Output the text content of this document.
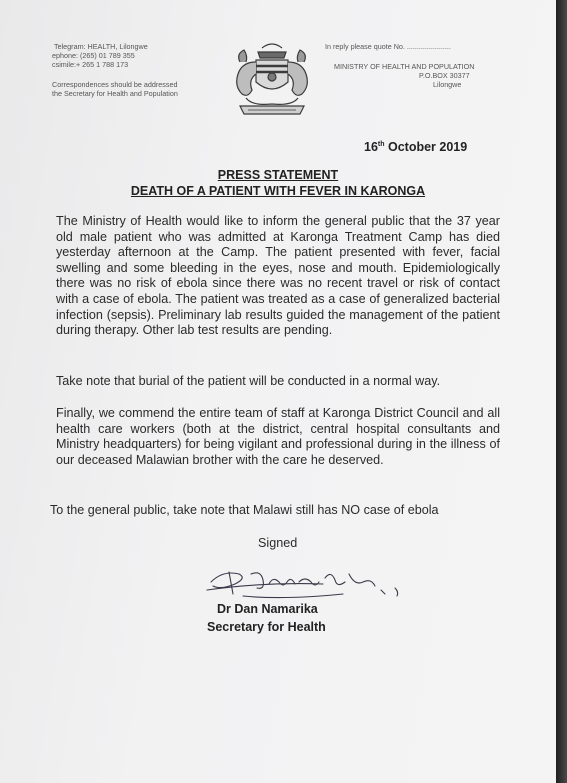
Telegram: HEALTH, Lilongwe
ephone: (265) 01 789 355
csimile:+ 265 1 788 173
Correspondences should be addressed
the Secretary for Health and Population
In reply please quote No. ......................
MINISTRY OF HEALTH AND POPULATION
P.O.BOX 30377
Lilongwe
16th October 2019
PRESS STATEMENT
DEATH OF A PATIENT WITH FEVER IN KARONGA
The Ministry of Health would like to inform the general public that the 37 year old male patient who was admitted at Karonga Treatment Camp has died yesterday afternoon at the Camp. The patient presented with fever, facial swelling and some bleeding in the eyes, nose and mouth. Epidemiologically there was no risk of ebola since there was no recent travel or risk of contact with a case of ebola. The patient was treated as a case of generalized bacterial infection (sepsis). Preliminary lab results guided the management of the patient during therapy. Other lab test results are pending.
Take note that burial of the patient will be conducted in a normal way.
Finally, we commend the entire team of staff at Karonga District Council and all health care workers (both at the district, central hospital consultants and Ministry headquarters) for being vigilant and professional during in the illness of our deceased Malawian brother with the care he deserved.
To the general public, take note that Malawi still has NO case of ebola
Signed
Dr Dan Namarika
Secretary for Health
